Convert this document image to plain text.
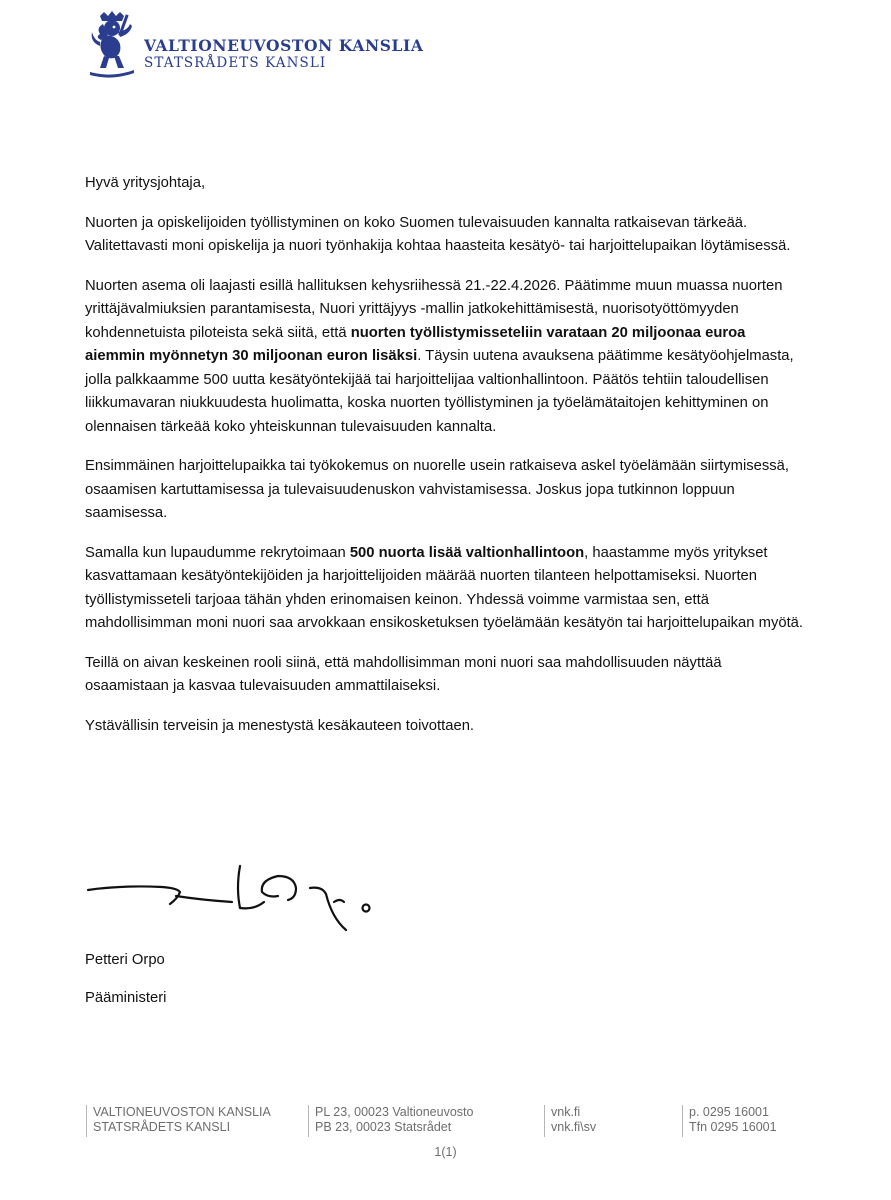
VALTIONEUVOSTON KANSLIA
STATSRÅDETS KANSLI

Hyvä yritysjohtaja,

Nuorten ja opiskelijoiden työllistyminen on koko Suomen tulevaisuuden kannalta ratkaisevan tärkeää. Valitettavasti moni opiskelija ja nuori työnhakija kohtaa haasteita kesätyö- tai harjoittelupaikan löytämisessä.

Nuorten asema oli laajasti esillä hallituksen kehysriihessä 21.-22.4.2026. Päätimme muun muassa nuorten yrittäjävalmiuksien parantamisesta, Nuori yrittäjyys -mallin jatkokehittämisestä, nuorisotyöttömyyden kohdennetuista piloteista sekä siitä, että nuorten työllistymisseteliin varataan 20 miljoonaa euroa aiemmin myönnetyn 30 miljoonan euron lisäksi. Täysin uutena avauksena päätimme kesätyöohjelmasta, jolla palkkaamme 500 uutta kesätyöntekijää tai harjoittelijaa valtionhallintoon. Päätös tehtiin taloudellisen liikkumavaran niukkuudesta huolimatta, koska nuorten työllistyminen ja työelämätaitojen kehittyminen on olennaisen tärkeää koko yhteiskunnan tulevaisuuden kannalta.

Ensimmäinen harjoittelupaikka tai työkokemus on nuorelle usein ratkaiseva askel työelämään siirtymisessä, osaamisen kartuttamisessa ja tulevaisuudenuskon vahvistamisessa. Joskus jopa tutkinnon loppuun saamisessa.

Samalla kun lupaudumme rekrytoimaan 500 nuorta lisää valtionhallintoon, haastamme myös yritykset kasvattamaan kesätyöntekijöiden ja harjoittelijoiden määrää nuorten tilanteen helpottamiseksi. Nuorten työllistymisseteli tarjoaa tähän yhden erinomaisen keinon. Yhdessä voimme varmistaa sen, että mahdollisimman moni nuori saa arvokkaan ensikosketuksen työelämään kesätyön tai harjoittelupaikan myötä.

Teillä on aivan keskeinen rooli siinä, että mahdollisimman moni nuori saa mahdollisuuden näyttää osaamistaan ja kasvaa tulevaisuuden ammattilaiseksi.

Ystävällisin terveisin ja menestystä kesäkauteen toivottaen.

Petteri Orpo
Pääministeri
VALTIONEUVOSTON KANSLIA
STATSRÅDETS KANSLI
PL 23, 00023 Valtioneuvosto
PB 23, 00023 Statsrådet
vnk.fi
vnk.fi\sv
p. 0295 16001
Tfn 0295 16001
1(1)
